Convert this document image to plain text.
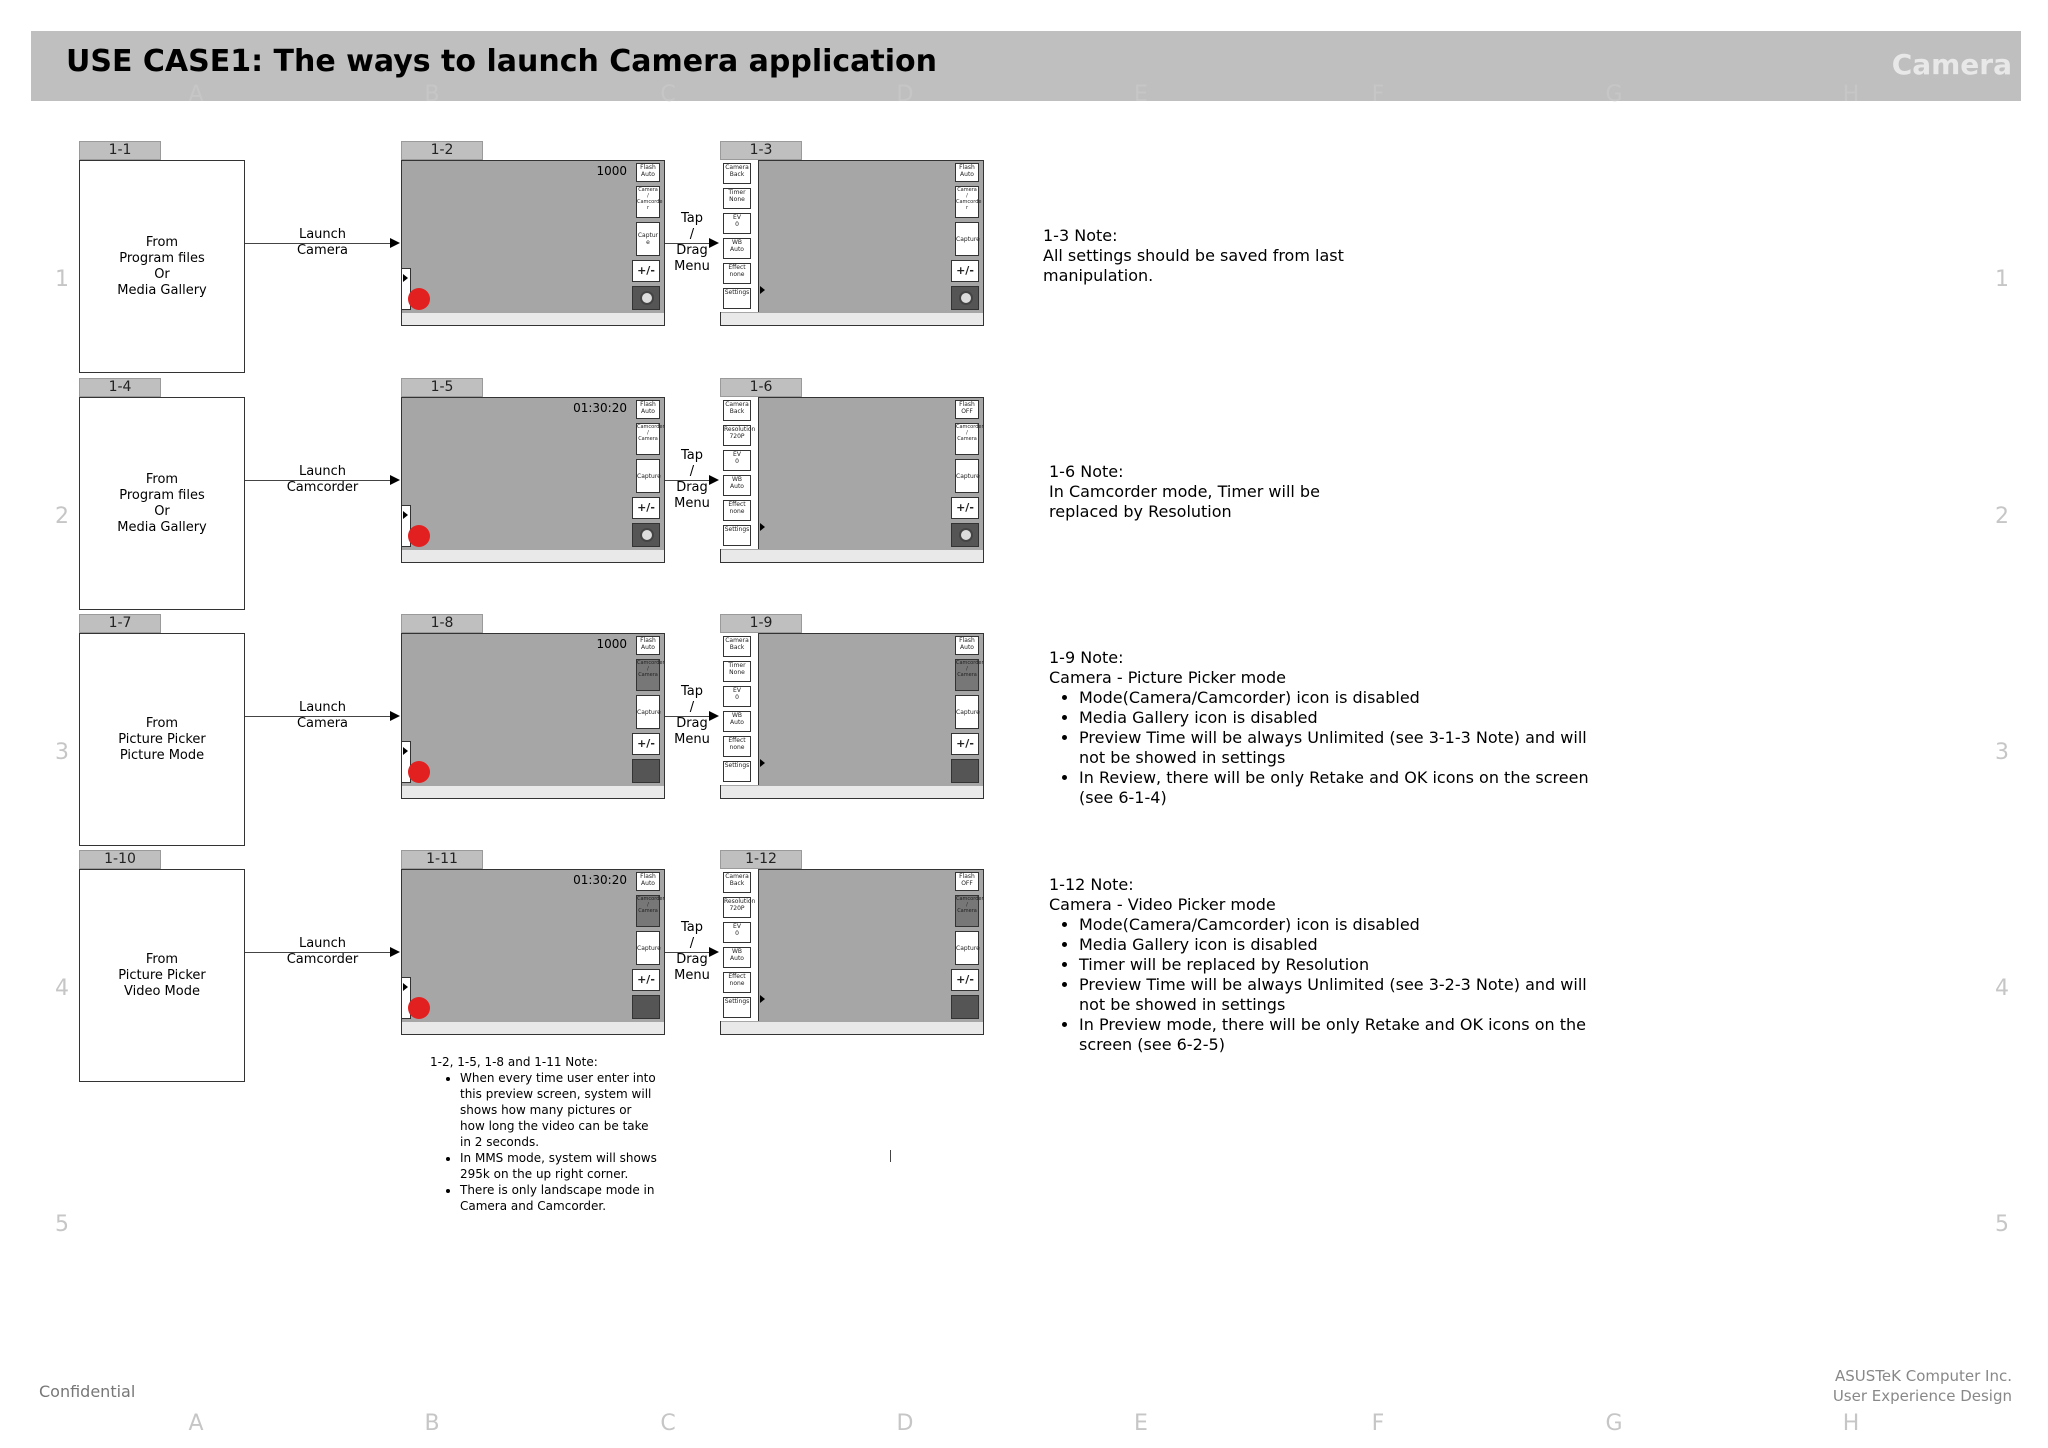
USE CASE1: The ways to launch Camera application	Camera
A
A
B
B
C
C
D
D
E
E
F
F
G
G
H
H
1	1
2	2
3	3
4	4
5	5
1-1
From
Program files
Or
Media Gallery
Launch
Camera
1-2
Flash
Auto
Camera
/
Camcorde
r
Captur
e
+/-
1000
Tap
/
Drag
Menu
1-3
Flash
Auto
Camera
/
Camcorde
r
Capture
+/-
Camera
Back
Timer
None
EV
0
WB
Auto
Effect
none
Settings
1-3 Note:
All settings should be saved from last
manipulation.
1-4
From
Program files
Or
Media Gallery
Launch
Camcorder
1-5
Flash
Auto
Camcorder
/
Camera
Capture
+/-
01:30:20
Tap
/
Drag
Menu
1-6
Flash
OFF
Camcorder
/
Camera
Capture
+/-
Camera
Back
Resolution
720P
EV
0
WB
Auto
Effect
none
Settings
1-6 Note:
In Camcorder mode, Timer will be
replaced by Resolution
1-7
From
Picture Picker
Picture Mode
Launch
Camera
1-8
Flash
Auto
Camcorder
/
Camera
Capture
+/-
1000
Tap
/
Drag
Menu
1-9
Flash
Auto
Camcorder
/
Camera
Capture
+/-
Camera
Back
Timer
None
EV
0
WB
Auto
Effect
none
Settings
1-9 Note:
Camera - Picture Picker mode
• Mode(Camera/Camcorder) icon is disabled
• Media Gallery icon is disabled
• Preview Time will be always Unlimited (see 3-1-3 Note) and will not be showed in settings
• In Review, there will be only Retake and OK icons on the screen (see 6-1-4)
1-10
From
Picture Picker
Video Mode
Launch
Camcorder
1-11
Flash
Auto
Camcorder
/
Camera
Capture
+/-
01:30:20
Tap
/
Drag
Menu
1-12
Flash
OFF
Camcorder
/
Camera
Capture
+/-
Camera
Back
Resolution
720P
EV
0
WB
Auto
Effect
none
Settings
1-12 Note:
Camera - Video Picker mode
• Mode(Camera/Camcorder) icon is disabled
• Media Gallery icon is disabled
• Timer will be replaced by Resolution
• Preview Time will be always Unlimited (see 3-2-3 Note) and will not be showed in settings
• In Preview mode, there will be only Retake and OK icons on the screen (see 6-2-5)
1-2, 1-5, 1-8 and 1-11 Note:
• When every time user enter into this preview screen, system will shows how many pictures or how long the video can be take in 2 seconds.
• In MMS mode, system will shows 295k on the up right corner.
• There is only landscape mode in Camera and Camcorder.
Confidential
ASUSTeK Computer Inc.
User Experience Design
